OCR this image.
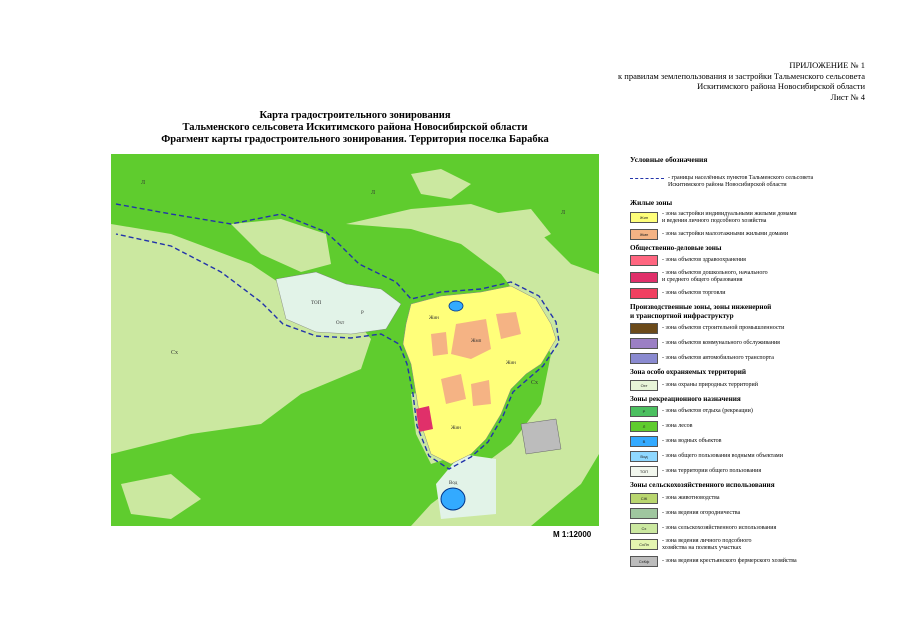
ПРИЛОЖЕНИЕ № 1
к правилам землепользования и застройки Тальменского сельсовета
Искитимского района Новосибирской области
Лист № 4
Карта градостроительного зонирования
Тальменского сельсовета Искитимского района Новосибирской области
Фрагмент карты градостроительного зонирования. Территория поселка Барабка
Сх
Сх
Л
Л
Л
Жмп
Жин
Жин
Жин
ТОП
Р
Охт
Вод
М 1:12000
Условные обозначения
- границы населённых пунктов Тальменского сельсовета
Искитимского района Новосибирской области
Жилые зоны
Жин
- зона застройки индивидуальными жилыми домами
и ведения личного подсобного хозяйства
Жмп	- зона застройки малоэтажными жилыми домами
Общественно-деловые зоны
- зона объектов здравоохранения
- зона объектов дошкольного, начального
и среднего общего образования
- зона объектов торговли
Производственные зоны, зоны инженерной
и транспортной инфраструктур
- зона объектов строительной промышленности
- зона объектов коммунального обслуживания
- зона объектов автомобильного транспорта
Зона особо охраняемых территорий
Охт	- зона охраны природных территорий
Зоны рекреационного назначения
Р	- зона объектов отдыха (рекреации)
Л	- зона лесов
В	- зона водных объектов
Вод	- зона общего пользования водными объектами
ТОП	- зона территории общего пользования
Зоны сельскохозяйственного использования
СЖ	- зона животноводства
- зона ведения огородничества
Сх	- зона сельскохозяйственного использования
СхЛп
- зона ведения личного подсобного
хозяйства на полевых участках
СхКф	- зона ведения крестьянского фермерского хозяйства
